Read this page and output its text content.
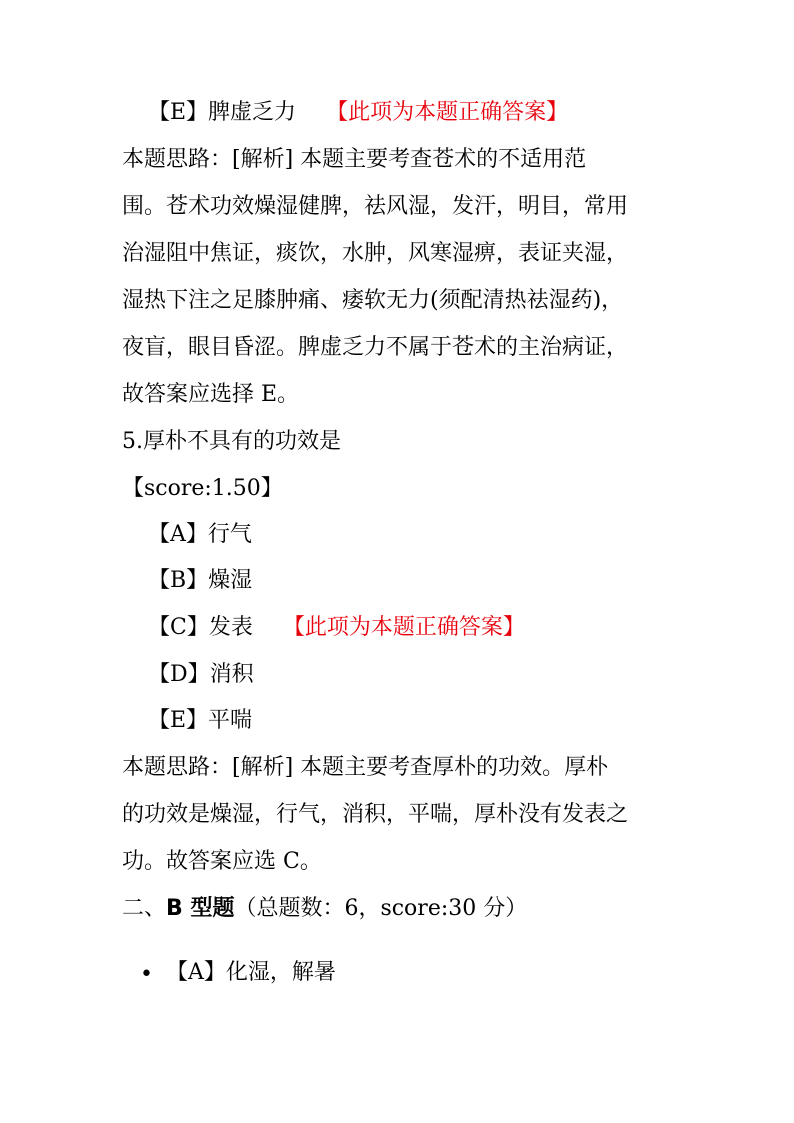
【E】脾虚乏力 【此项为本题正确答案】
本题思路：[解析] 本题主要考查苍术的不适用范
围。苍术功效燥湿健脾，祛风湿，发汗，明目，常用
治湿阻中焦证，痰饮，水肿，风寒湿痹，表证夹湿，
湿热下注之足膝肿痛、痿软无力(须配清热祛湿药)，
夜盲，眼目昏涩。脾虚乏力不属于苍术的主治病证，
故答案应选择 E。
5.厚朴不具有的功效是
【score:1.50】
【A】行气
【B】燥湿
【C】发表 【此项为本题正确答案】
【D】消积
【E】平喘
本题思路：[解析] 本题主要考查厚朴的功效。厚朴
的功效是燥湿，行气，消积，平喘，厚朴没有发表之
功。故答案应选 C。
二、B 型题（总题数：6，score:30 分）
• 【A】化湿，解暑
